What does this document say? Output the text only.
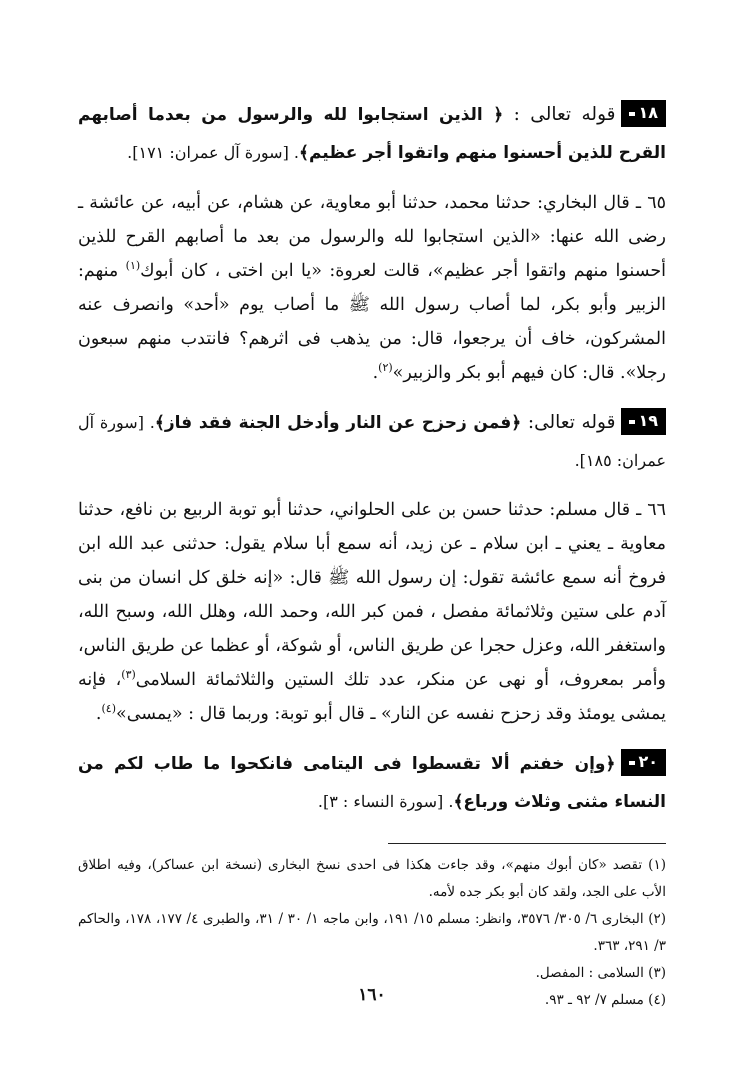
١٨قوله تعالى : ﴿ الذين استجابوا لله والرسول من بعدما أصابهم القرح للذين أحسنوا منهم واتقوا أجر عظيم﴾. [سورة آل عمران: ١٧١].

٦٥ ـ قال البخاري: حدثنا محمد، حدثنا أبو معاوية، عن هشام، عن أبيه، عن عائشة ـ رضى الله عنها: «الذين استجابوا لله والرسول من بعد ما أصابهم القرح للذين أحسنوا منهم واتقوا أجر عظيم»، قالت لعروة: «يا ابن اختى ، كان أبوك$^{(١)}$ منهم: الزبير وأبو بكر، لما أصاب رسول الله ﷺ ما أصاب يوم «أحد» وانصرف عنه المشركون، خاف أن يرجعوا، قال: من يذهب فى اثرهم؟ فانتدب منهم سبعون رجلا». قال: كان فيهم أبو بكر والزبير»$^{(٢)}$.

١٩قوله تعالى: ﴿فمن زحزح عن النار وأدخل الجنة فقد فاز﴾. [سورة آل عمران: ١٨٥].

٦٦ ـ قال مسلم: حدثنا حسن بن على الحلواني، حدثنا أبو توبة الربيع بن نافع، حدثنا معاوية ـ يعني ـ ابن سلام ـ عن زيد، أنه سمع أبا سلام يقول: حدثنى عبد الله ابن فروخ أنه سمع عائشة تقول: إن رسول الله ﷺ قال: «إنه خلق كل انسان من بنى آدم على ستين وثلاثمائة مفصل ، فمن كبر الله، وحمد الله، وهلل الله، وسبح الله، واستغفر الله، وعزل حجرا عن طريق الناس، أو شوكة، أو عظما عن طريق الناس، وأمر بمعروف، أو نهى عن منكر، عدد تلك الستين والثلاثمائة السلامى$^{(٣)}$، فإنه يمشى يومئذ وقد زحزح نفسه عن النار» ـ قال أبو توبة: وربما قال : «يمسى»$^{(٤)}$.

٢٠﴿وإن خفتم ألا تقسطوا فى اليتامى فانكحوا ما طاب لكم من النساء مثنى وثلاث ورباع﴾. [سورة النساء : ٣].

(١) تقصد «كان أبوك منهم»، وقد جاءت هكذا فى احدى نسخ البخارى (نسخة ابن عساكر)، وفيه اطلاق الأب على الجد، ولقد كان أبو بكر جده لأمه.

(٢) البخارى ٦/ ٣٠٥/ ٣٥٧٦، وانظر: مسلم ١٥/ ١٩١، وابن ماجه ١/ ٣٠ / ٣١، والطبرى ٤/ ١٧٧، ١٧٨، والحاكم ٣/ ٢٩١، ٣٦٣.

(٣) السلامى : المفصل.

(٤) مسلم ٧/ ٩٢ ـ ٩٣.

١٦٠
